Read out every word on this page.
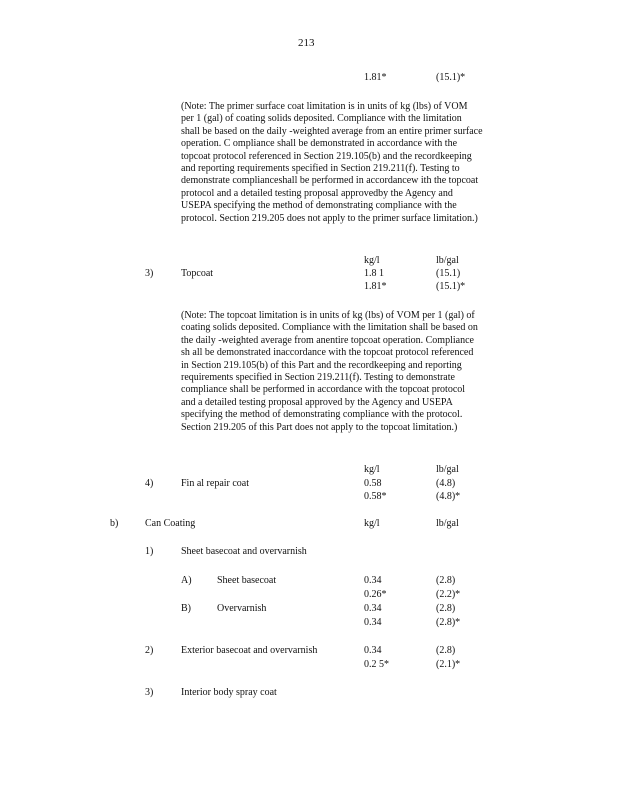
213
1.81*	(15.1)*
(Note: The primer surface coat limitation is in units of kg (lbs) of VOM
per 1 (gal) of coating solids deposited. Compliance with the limitation
shall be based on the daily -weighted average from an entire primer surface
operation. C ompliance shall be demonstrated in accordance with the
topcoat protocol referenced in Section 219.105(b) and the recordkeeping
and reporting requirements specified in Section 219.211(f). Testing to
demonstrate complianceshall be performed in accordancew ith the topcoat
protocol and a detailed testing proposal approvedby the Agency and
USEPA specifying the method of demonstrating compliance with the
protocol. Section 219.205 does not apply to the primer surface limitation.)
kg/l	lb/gal
3)	Topcoat	1.8 1	(15.1)
1.81*	(15.1)*
(Note: The topcoat limitation is in units of kg (lbs) of VOM per 1 (gal) of
coating solids deposited. Compliance with the limitation shall be based on
the daily -weighted average from anentire topcoat operation. Compliance
sh all be demonstrated inaccordance with the topcoat protocol referenced
in Section 219.105(b) of this Part and the recordkeeping and reporting
requirements specified in Section 219.211(f). Testing to demonstrate
compliance shall be performed in accordance with the topcoat protocol
and a detailed testing proposal approved by the Agency and USEPA
specifying the method of demonstrating compliance with the protocol.
Section 219.205 of this Part does not apply to the topcoat limitation.)
kg/l	lb/gal
4)	Fin al repair coat	0.58	(4.8)
0.58*	(4.8)*
b)	Can Coating	kg/l	lb/gal
1)	Sheet basecoat and overvarnish
A)	Sheet basecoat	0.34	(2.8)
0.26*	(2.2)*
B)	Overvarnish	0.34	(2.8)
0.34	(2.8)*
2)	Exterior basecoat and overvarnish	0.34	(2.8)
0.2 5*	(2.1)*
3)	Interior body spray coat
